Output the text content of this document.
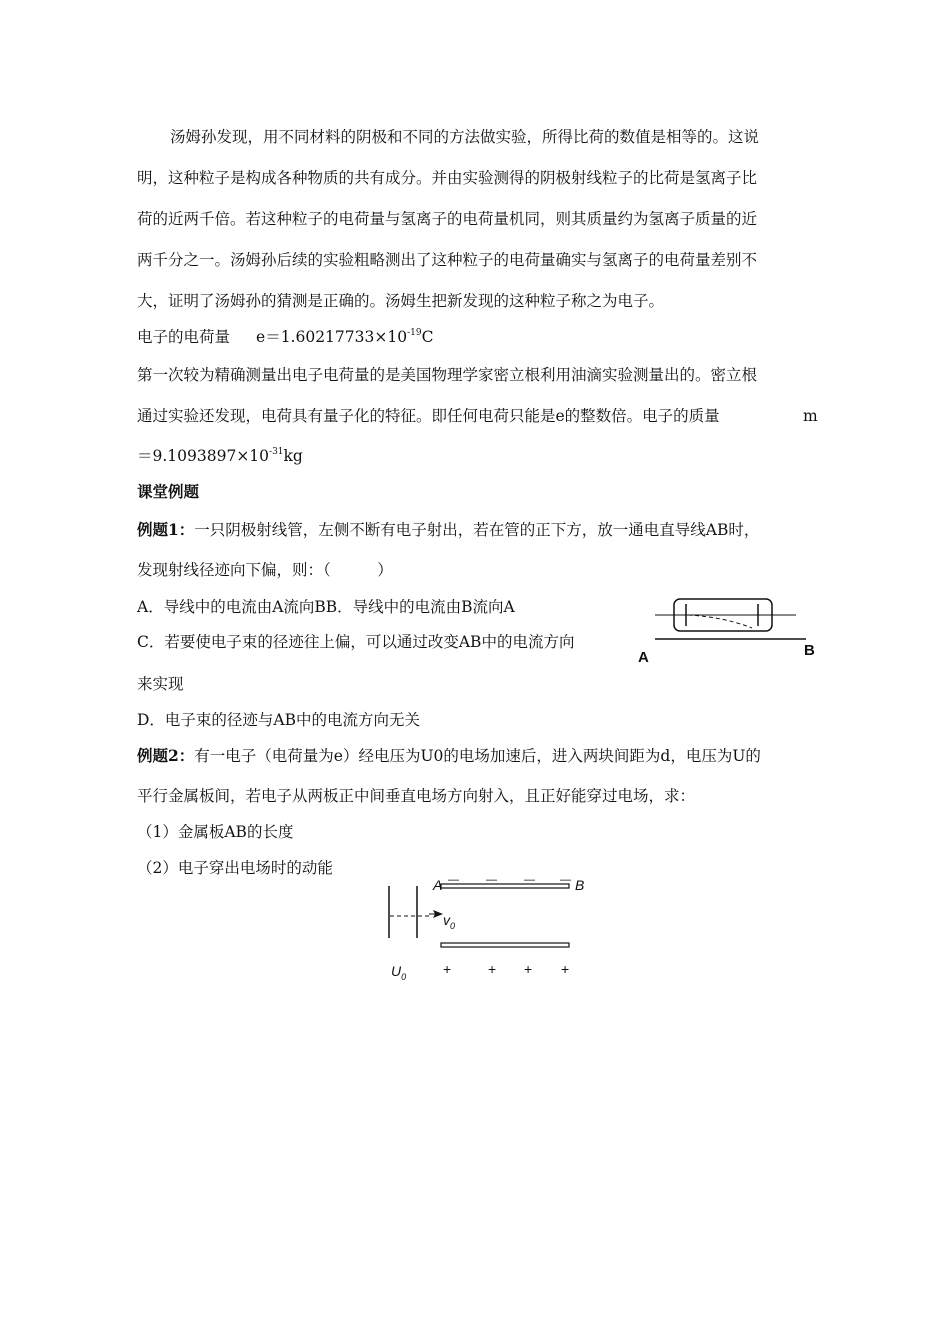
汤姆孙发现，用不同材料的阴极和不同的方法做实验，所得比荷的数值是相等的。这说
明，这种粒子是构成各种物质的共有成分。并由实验测得的阴极射线粒子的比荷是氢离子比
荷的近两千倍。若这种粒子的电荷量与氢离子的电荷量机同，则其质量约为氢离子质量的近
两千分之一。汤姆孙后续的实验粗略测出了这种粒子的电荷量确实与氢离子的电荷量差别不
大，证明了汤姆孙的猜测是正确的。汤姆生把新发现的这种粒子称之为电子。
电子的电荷量 $e=1.60217733\times 10^{-19}C$
第一次较为精确测量出电子电荷量的是美国物理学家密立根利用油滴实验测量出的。密立根
通过实验还发现，电荷具有量子化的特征。即任何电荷只能是e的整数倍。电子的质量	m
$=9.1093897\times 10^{-31}kg$
课堂例题
例题1：一只阴极射线管，左侧不断有电子射出，若在管的正下方，放一通电直导线AB时，
发现射线径迹向下偏，则：（　　　）
A．导线中的电流由A流向BB．导线中的电流由B流向A
C．若要使电子束的径迹往上偏，可以通过改变AB中的电流方向
来实现
D．电子束的径迹与AB中的电流方向无关
A	B
例题2：有一电子（电荷量为e）经电压为U0的电场加速后，进入两块间距为d，电压为U的
平行金属板间，若电子从两板正中间垂直电场方向射入，且正好能穿过电场，求：
（1）金属板AB的长度
（2）电子穿出电场时的动能
A	B
— — — —
$v_0$
$U_0$	+	+ + +
